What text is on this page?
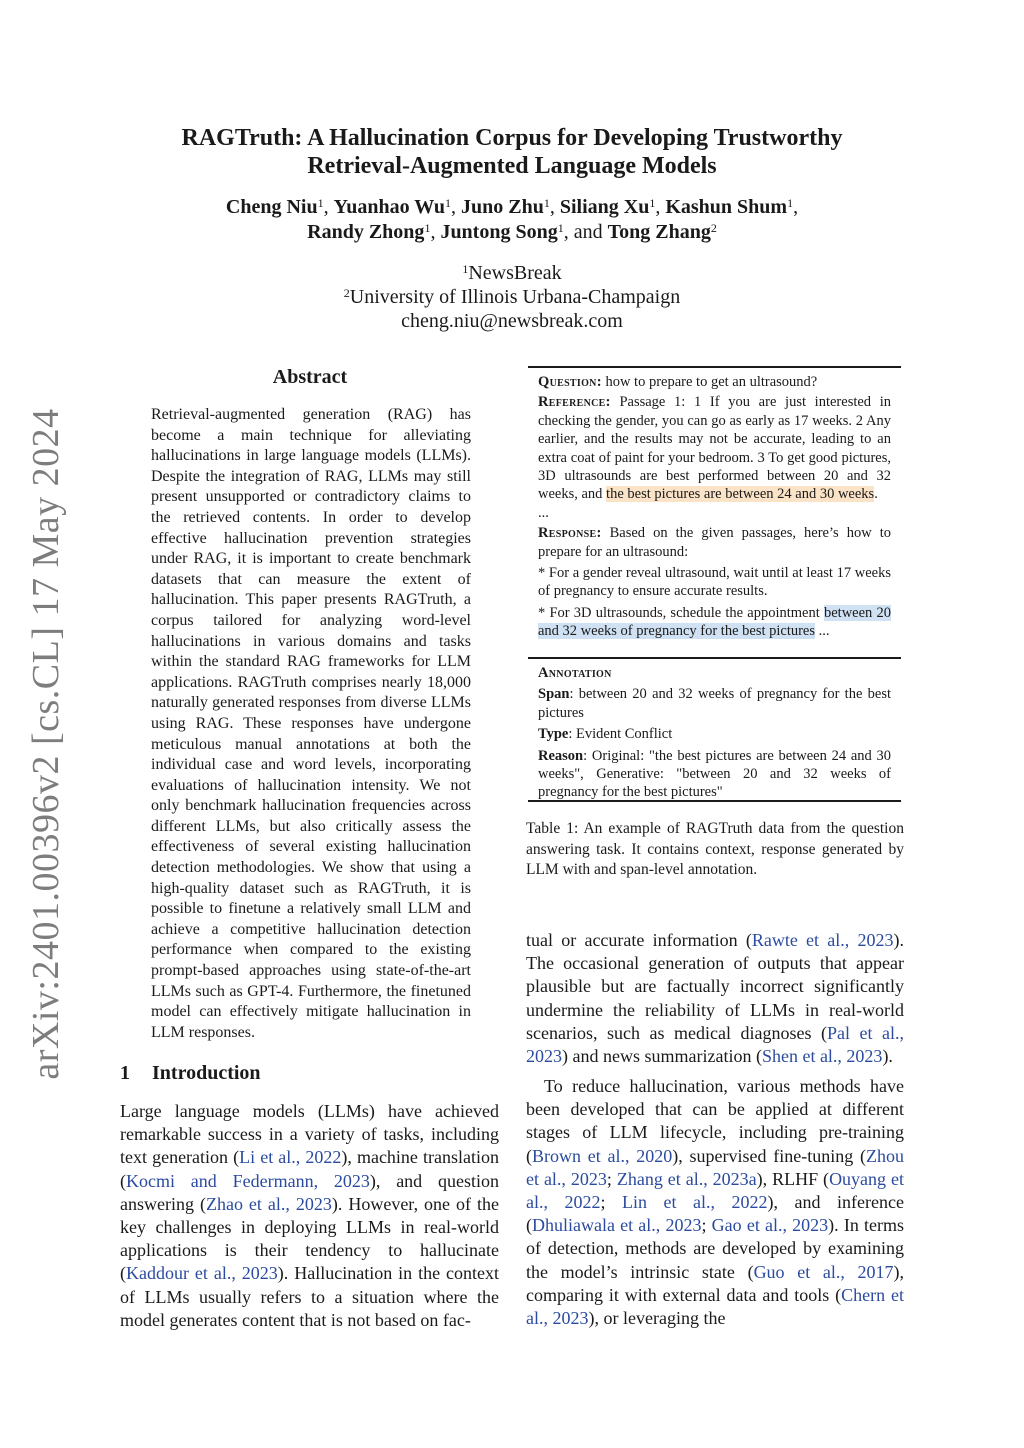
arXiv:2401.00396v2 [cs.CL] 17 May 2024
RAGTruth: A Hallucination Corpus for Developing Trustworthy
Retrieval-Augmented Language Models
Cheng Niu$^1$, Yuanhao Wu$^1$, Juno Zhu$^1$, Siliang Xu$^1$, Kashun Shum$^1$,
Randy Zhong$^1$, Juntong Song$^1$, and Tong Zhang$^2$
$^1$NewsBreak
$^2$University of Illinois Urbana-Champaign
cheng.niu@newsbreak.com
Abstract
Retrieval-augmented generation (RAG) has become a main technique for alleviating hallucinations in large language models (LLMs). Despite the integration of RAG, LLMs may still present unsupported or contradictory claims to the retrieved contents. In order to develop effective hallucination prevention strategies under RAG, it is important to create benchmark datasets that can measure the extent of hallucination. This paper presents RAGTruth, a corpus tailored for analyzing word-level hallucinations in various domains and tasks within the standard RAG frameworks for LLM applications. RAGTruth comprises nearly 18,000 naturally generated responses from diverse LLMs using RAG. These responses have undergone meticulous manual annotations at both the individual case and word levels, incorporating evaluations of hallucination intensity. We not only benchmark hallucination frequencies across different LLMs, but also critically assess the effectiveness of several existing hallucination detection methodologies. We show that using a high-quality dataset such as RAGTruth, it is possible to finetune a relatively small LLM and achieve a competitive hallucination detection performance when compared to the existing prompt-based approaches using state-of-the-art LLMs such as GPT-4. Furthermore, the finetuned model can effectively mitigate hallucination in LLM responses.
1 Introduction
Large language models (LLMs) have achieved remarkable success in a variety of tasks, including text generation (Li et al., 2022), machine translation (Kocmi and Federmann, 2023), and question answering (Zhao et al., 2023). However, one of the key challenges in deploying LLMs in real-world applications is their tendency to hallucinate (Kaddour et al., 2023). Hallucination in the context of LLMs usually refers to a situation where the model generates content that is not based on fac-

Question: how to prepare to get an ultrasound?

Reference: Passage 1: 1 If you are just interested in checking the gender, you can go as early as 17 weeks. 2 Any earlier, and the results may not be accurate, leading to an extra coat of paint for your bedroom. 3 To get good pictures, 3D ultrasounds are best performed between 20 and 32 weeks, and the best pictures are between 24 and 30 weeks.

...

Response: Based on the given passages, here’s how to prepare for an ultrasound:

* For a gender reveal ultrasound, wait until at least 17 weeks of pregnancy to ensure accurate results.

* For 3D ultrasounds, schedule the appointment between 20 and 32 weeks of pregnancy for the best pictures ...

Annotation

Span: between 20 and 32 weeks of pregnancy for the best pictures

Type: Evident Conflict

Reason: Original: "the best pictures are between 24 and 30 weeks", Generative: "between 20 and 32 weeks of pregnancy for the best pictures"

Table 1: An example of RAGTruth data from the question answering task. It contains context, response generated by LLM with and span-level annotation.
tual or accurate information (Rawte et al., 2023). The occasional generation of outputs that appear plausible but are factually incorrect significantly undermine the reliability of LLMs in real-world scenarios, such as medical diagnoses (Pal et al., 2023) and news summarization (Shen et al., 2023).
To reduce hallucination, various methods have been developed that can be applied at different stages of LLM lifecycle, including pre-training (Brown et al., 2020), supervised fine-tuning (Zhou et al., 2023; Zhang et al., 2023a), RLHF (Ouyang et al., 2022; Lin et al., 2022), and inference (Dhuliawala et al., 2023; Gao et al., 2023). In terms of detection, methods are developed by examining the model’s intrinsic state (Guo et al., 2017), comparing it with external data and tools (Chern et al., 2023), or leveraging the
